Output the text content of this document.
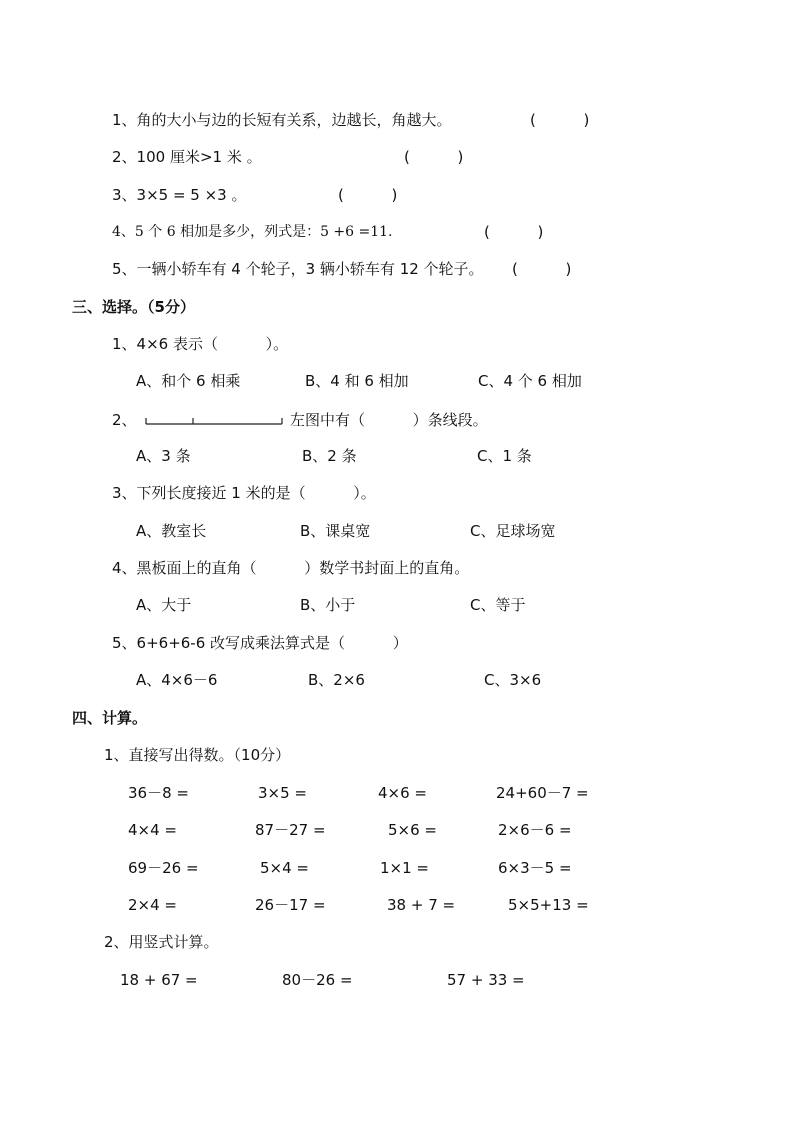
1、角的大小与边的长短有关系，边越长，角越大。	(          )
2、100 厘米>1 米 。	(          )
3、3×5 = 5 ×3 。	(          )
4、5 个 6 相加是多少，列式是：5 +6 =11.	(          )
5、一辆小轿车有 4 个轮子，3 辆小轿车有 12 个轮子。 (          )
三、选择。（5分）
1、4×6 表示（          ）。
A、和个 6 相乘	B、4 和 6 相加	C、4 个 6 相加
2、	左图中有（          ）条线段。
A、3 条	B、2 条	C、1 条
3、下列长度接近 1 米的是（          ）。
A、教室长	B、课桌宽	C、足球场宽
4、黑板面上的直角（          ）数学书封面上的直角。
A、大于	B、小于	C、等于
5、6+6+6-6 改写成乘法算式是（          ）
A、4×6－6	B、2×6	C、3×6
四、计算。
1、直接写出得数。（10分）
36－8 =	3×5 =	4×6 =	24+60－7 =
4×4 =	87－27 =	5×6 =	2×6－6 =
69－26 =	5×4 =	1×1 =	6×3－5 =
2×4 =	26－17 =	38 + 7 =	5×5+13 =
2、用竖式计算。
18 + 67 =	80－26 =	57 + 33 =
